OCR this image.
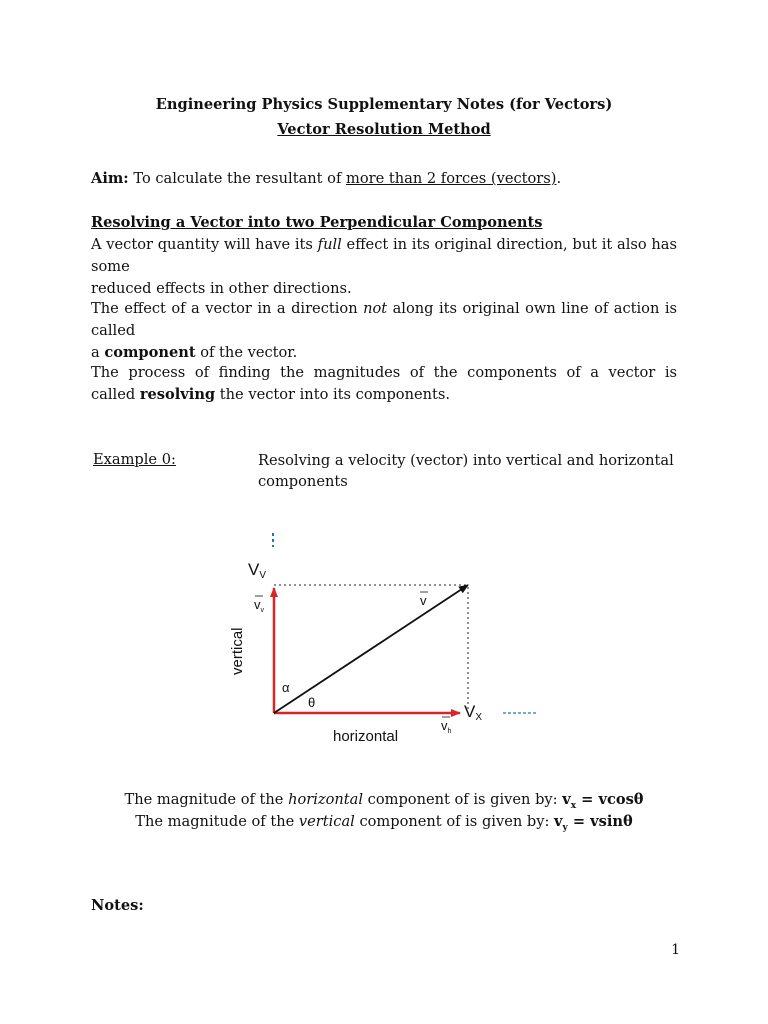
Engineering Physics Supplementary Notes (for Vectors)
Vector Resolution Method
Aim: To calculate the resultant of more than 2 forces (vectors).
Resolving a Vector into two Perpendicular Components
A vector quantity will have its full effect in its original direction, but it also has some
reduced effects in other directions.
The effect of a vector in a direction not along its original own line of action is called
a component of the vector.
The process of finding the magnitudes of the components of a vector is
called resolving the vector into its components.
Example 0:	Resolving a velocity (vector) into vertical and horizontal
components
VV
VX
$v_v$
v
$v_h$
α
θ
vertical
horizontal
The magnitude of the horizontal component of is given by: $v_x = vcos\theta$
The magnitude of the vertical component of is given by: $v_y = vsin\theta$
Notes:
1
